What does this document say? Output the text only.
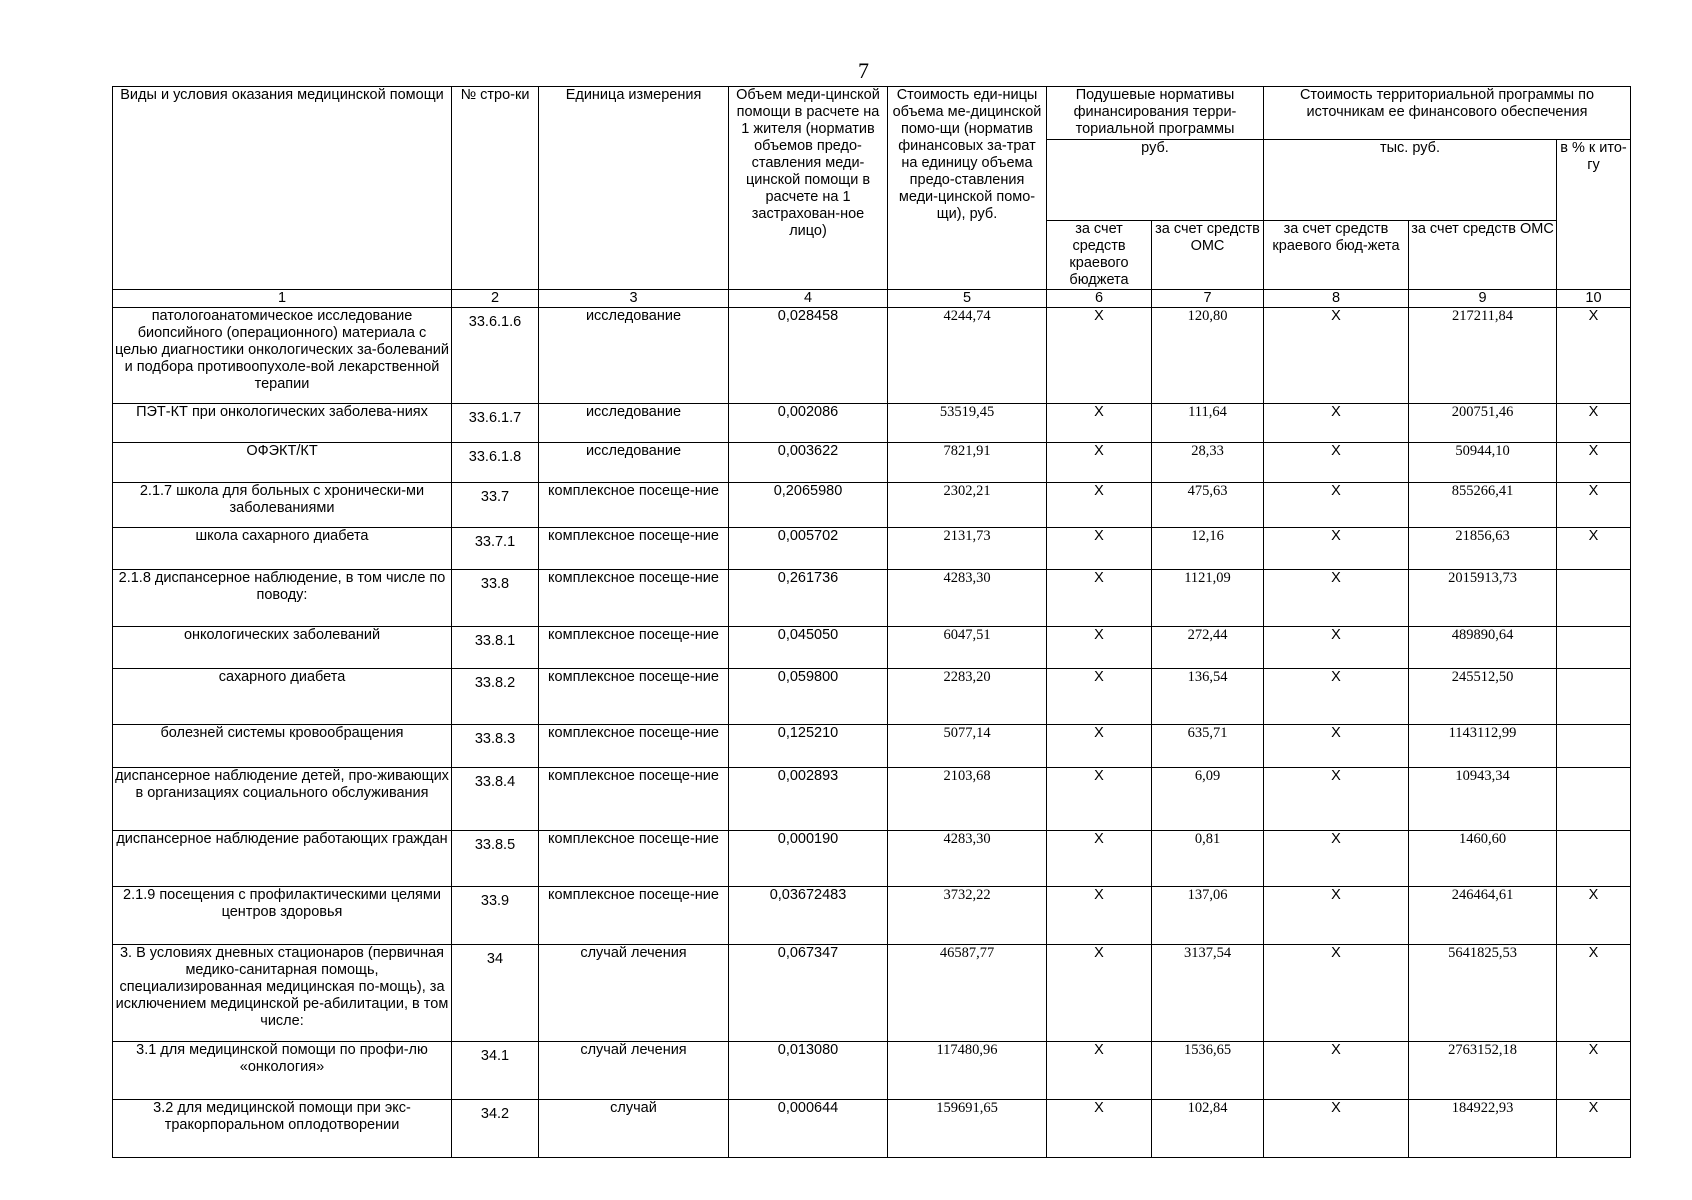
7
Виды и условия оказания медицинской помощи	№ стро-ки	Единица измерения	Объем меди-цинской помощи в расчете на 1 жителя (норматив объемов предо-ставления меди-цинской помощи в расчете на 1 застрахован-ное лицо)	Стоимость еди-ницы объема ме-дицинской помо-щи (норматив финансовых за-трат на единицу объема предо-ставления меди-цинской помо-щи), руб.	Подушевые нормативы финансирования терри-ториальной программы		Стоимость территориальной программы по источникам ее финансового обеспечения		
					руб.		тыс. руб.		в % к ито-гу
					за счет средств краевого бюджета	за счет средств ОМС	за счет средств краевого бюд-жета	за счет средств ОМС	
1	2	3	4	5	6	7	8	9	10
патологоанатомическое исследование биопсийного (операционного) материала с целью диагностики онкологических за-болеваний и подбора противоопухоле-вой лекарственной терапии	33.6.1.6	исследование	0,028458	4244,74	X	120,80	X	217211,84	X
ПЭТ-КТ при онкологических заболева-ниях	33.6.1.7	исследование	0,002086	53519,45	X	111,64	X	200751,46	X
ОФЭКТ/КТ	33.6.1.8	исследование	0,003622	7821,91	X	28,33	X	50944,10	X
2.1.7 школа для больных с хронически-ми заболеваниями	33.7	комплексное посеще-ние	0,2065980	2302,21	X	475,63	X	855266,41	X
школа сахарного диабета	33.7.1	комплексное посеще-ние	0,005702	2131,73	X	12,16	X	21856,63	X
2.1.8 диспансерное наблюдение, в том числе по поводу:	33.8	комплексное посеще-ние	0,261736	4283,30	X	1121,09	X	2015913,73	
онкологических заболеваний	33.8.1	комплексное посеще-ние	0,045050	6047,51	X	272,44	X	489890,64	
сахарного диабета	33.8.2	комплексное посеще-ние	0,059800	2283,20	X	136,54	X	245512,50	
болезней системы кровообращения	33.8.3	комплексное посеще-ние	0,125210	5077,14	X	635,71	X	1143112,99	
диспансерное наблюдение детей, про-живающих в организациях социального обслуживания	33.8.4	комплексное посеще-ние	0,002893	2103,68	X	6,09	X	10943,34	
диспансерное наблюдение работающих граждан	33.8.5	комплексное посеще-ние	0,000190	4283,30	X	0,81	X	1460,60	
2.1.9 посещения с профилактическими целями центров здоровья	33.9	комплексное посеще-ние	0,03672483	3732,22	X	137,06	X	246464,61	X
3. В условиях дневных стационаров (первичная медико-санитарная помощь, специализированная медицинская по-мощь), за исключением медицинской ре-абилитации, в том числе:	34	случай лечения	0,067347	46587,77	X	3137,54	X	5641825,53	X
3.1 для медицинской помощи по профи-лю «онкология»	34.1	случай лечения	0,013080	117480,96	X	1536,65	X	2763152,18	X
3.2 для медицинской помощи при экс-тракорпоральном оплодотворении	34.2	случай	0,000644	159691,65	X	102,84	X	184922,93	X
